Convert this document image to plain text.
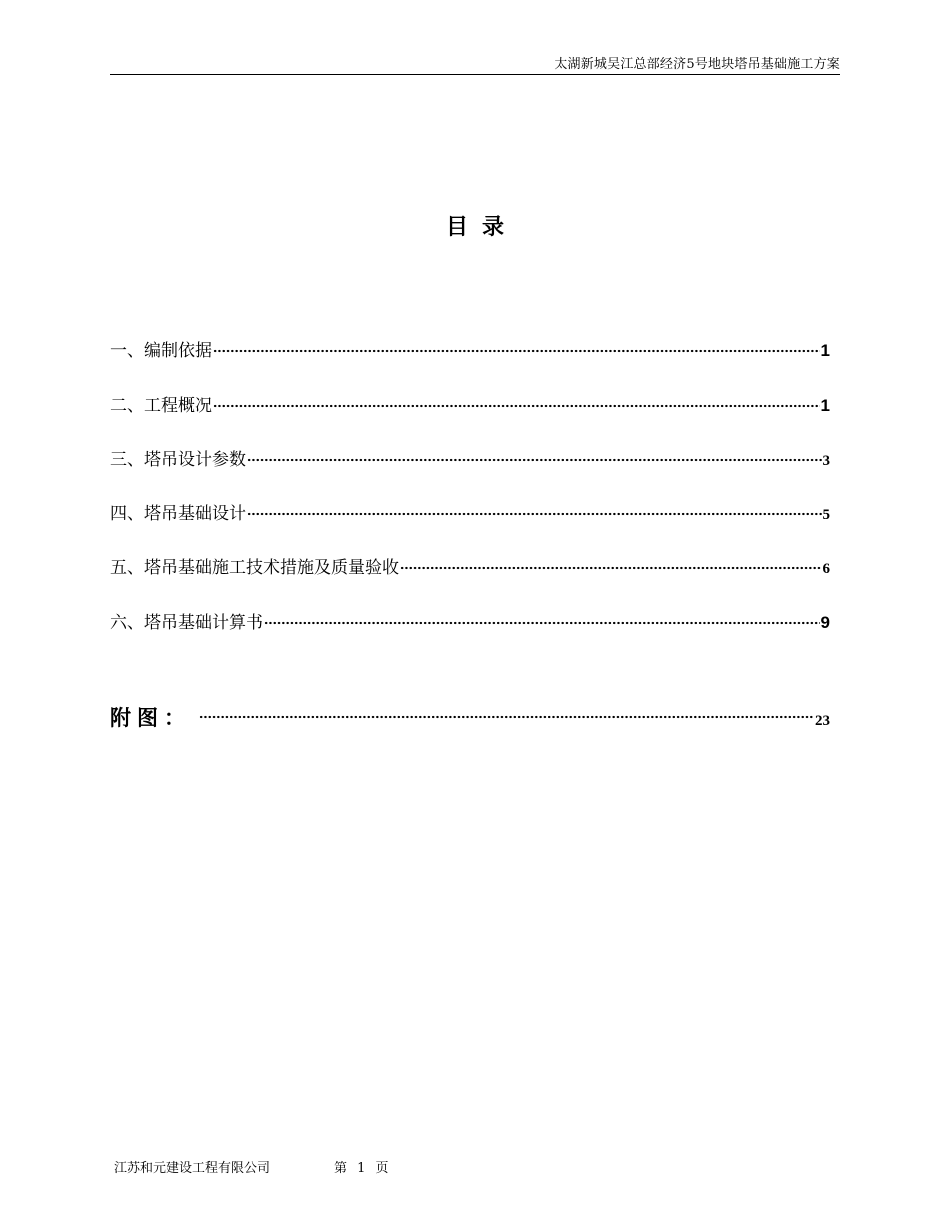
太湖新城吴江总部经济5号地块塔吊基础施工方案
目录
一、编制依据	1
二、工程概况	1
三、塔吊设计参数	3
四、塔吊基础设计	5
五、塔吊基础施工技术措施及质量验收	6
六、塔吊基础计算书	9
附图：	23
江苏和元建设工程有限公司	第 1 页
